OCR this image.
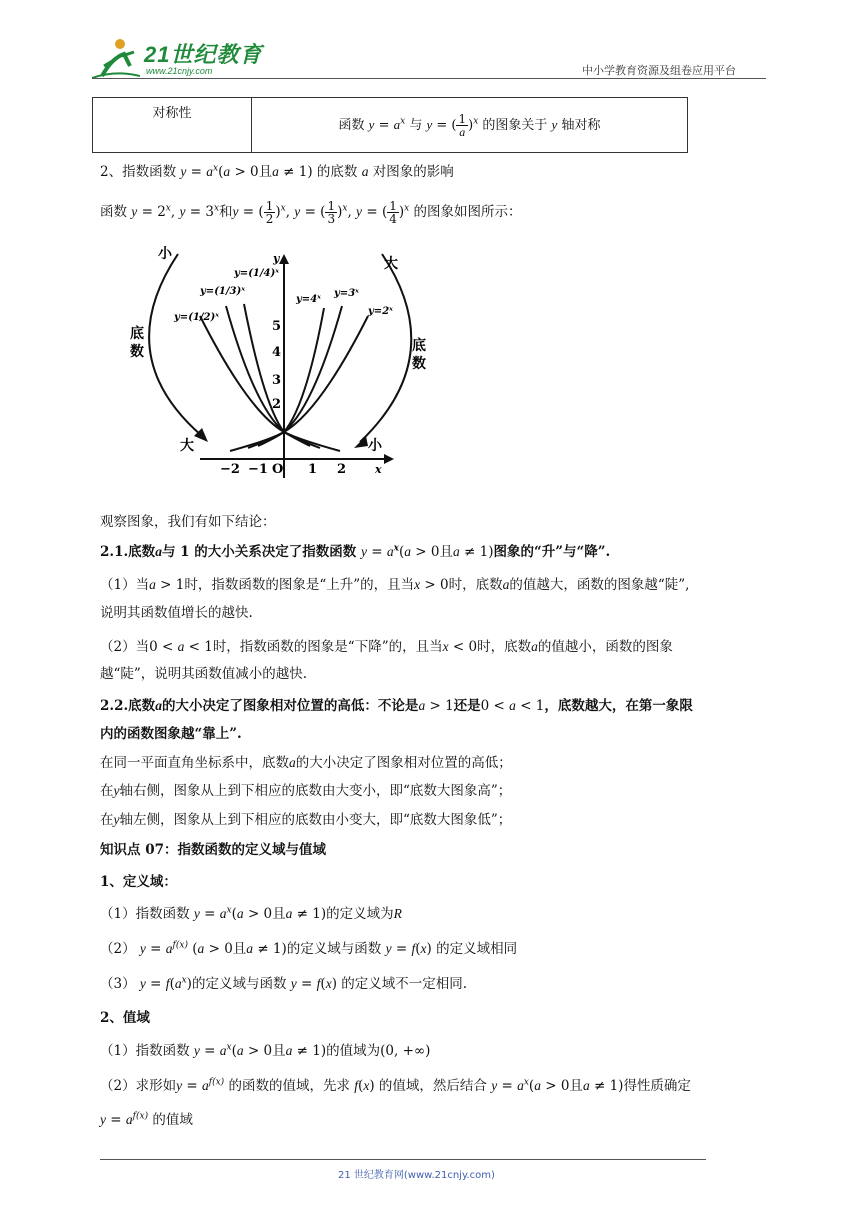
21世纪教育
www.21cnjy.com	中小学教育资源及组卷应用平台
对称性	函数 $y = a^x$ 与 y = ( $\frac{1}{a} )^x$ 的图象关于 y 轴对称
2、指数函数 $y = a^x(a > 0$且a ≠ 1) 的底数 a 对图象的影响
函数 $y = 2^x$, $y = 3^x$和y = ( $\frac{1}{2} )^x$, y = ( $\frac{1}{3} )^x$, y = ( $\frac{1}{4} )^x$ 的图象如图所示：
y
x
O
−2 −1	1 2
2
3
4
5
y=(1/2)ˣ
y=(1/3)ˣ
y=(1/4)ˣ
y=4ˣ
y=3ˣ
y=2ˣ
小
底
数
大
大
底
数
小
观察图象，我们有如下结论：
2.1.底数a与 1 的大小关系决定了指数函数 $y = a^x(a > 0$且a ≠ 1)图象的“升”与“降”.
（1）当a > 1时，指数函数的图象是“上升”的，且当x > 0时，底数a的值越大，函数的图象越“陡”,
说明其函数值增长的越快.
（2）当0 < a < 1时，指数函数的图象是“下降”的，且当x < 0时，底数a的值越小，函数的图象
越“陡”，说明其函数值减小的越快.
2.2.底数a的大小决定了图象相对位置的高低：不论是a > 1还是0 < a < 1，底数越大，在第一象限
内的函数图象越“靠上”.
在同一平面直角坐标系中，底数a的大小决定了图象相对位置的高低；
在y轴右侧，图象从上到下相应的底数由大变小，即“底数大图象高”；
在y轴左侧，图象从上到下相应的底数由小变大，即“底数大图象低”；
知识点 07：指数函数的定义域与值域
1、定义域：
（1）指数函数 $y = a^x(a > 0$且a ≠ 1)的定义域为R
（2） $y = a^{f(x)}$ (a > 0且a ≠ 1)的定义域与函数 y = f(x) 的定义域相同
（3） $y = f(a^x)$的定义域与函数 y = f(x) 的定义域不一定相同.
2、值域
（1）指数函数 $y = a^x(a > 0$且a ≠ 1)的值域为(0, +∞)
（2）求形如$y = a^{f(x)}$ 的函数的值域，先求 f(x) 的值域，然后结合 $y = a^x(a > 0$且a ≠ 1)得性质确定
$y = a^{f(x)}$ 的值域
21 世纪教育网(www.21cnjy.com)
